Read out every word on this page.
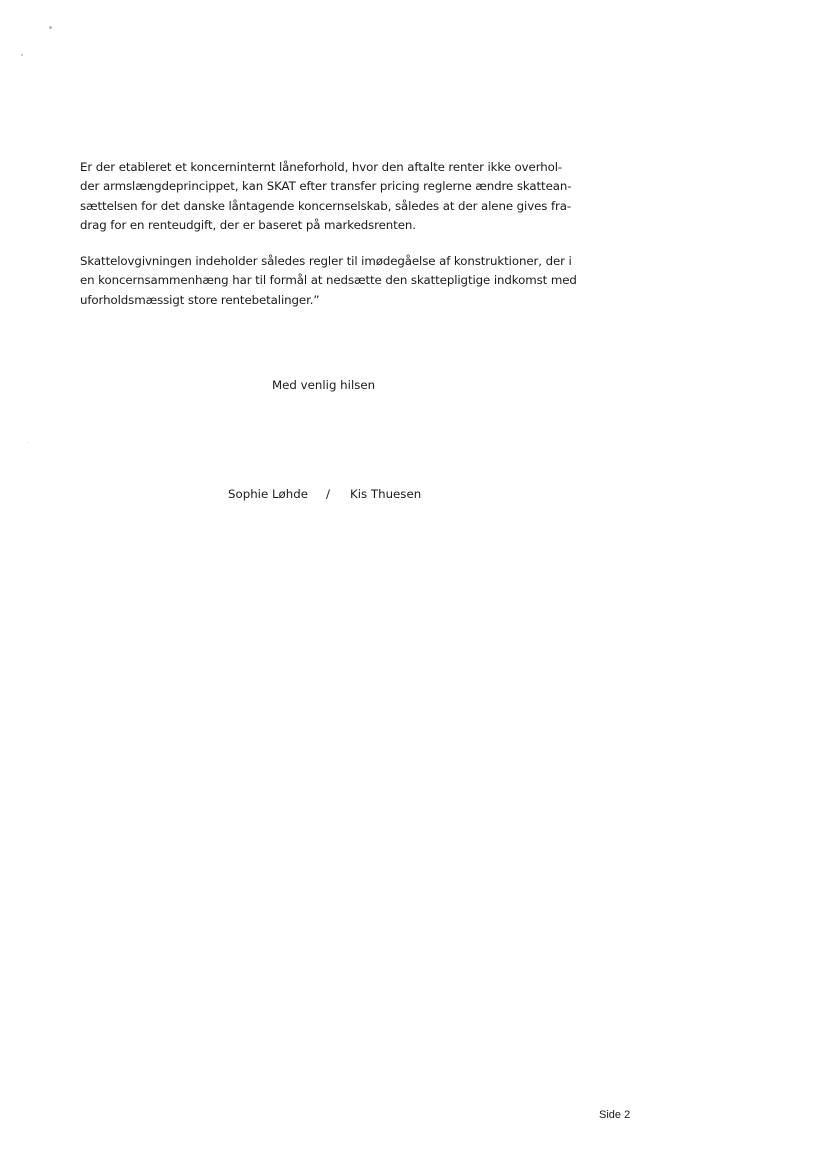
Er der etableret et koncerninternt låneforhold, hvor den aftalte renter ikke overhol-
der armslængdeprincippet, kan SKAT efter transfer pricing reglerne ændre skattean-
sættelsen for det danske låntagende koncernselskab, således at der alene gives fra-
drag for en renteudgift, der er baseret på markedsrenten.

Skattelovgivningen indeholder således regler til imødegåelse af konstruktioner, der i
en koncernsammenhæng har til formål at nedsætte den skattepligtige indkomst med
uforholdsmæssigt store rentebetalinger.”

Med venlig hilsen
Sophie Løhde / Kis Thuesen
Side 2
